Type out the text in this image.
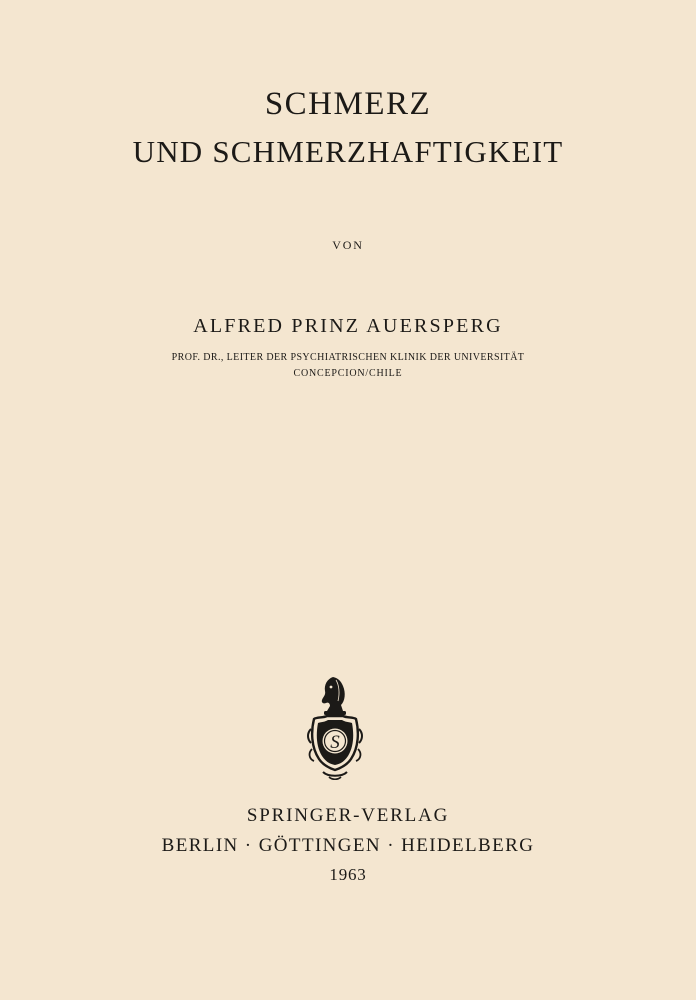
SCHMERZ
UND SCHMERZHAFTIGKEIT
VON
ALFRED PRINZ AUERSPERG
PROF. DR., LEITER DER PSYCHIATRISCHEN KLINIK DER UNIVERSITÄT
CONCEPCION/CHILE
S
SPRINGER-VERLAG
BERLIN · GÖTTINGEN · HEIDELBERG
1963
